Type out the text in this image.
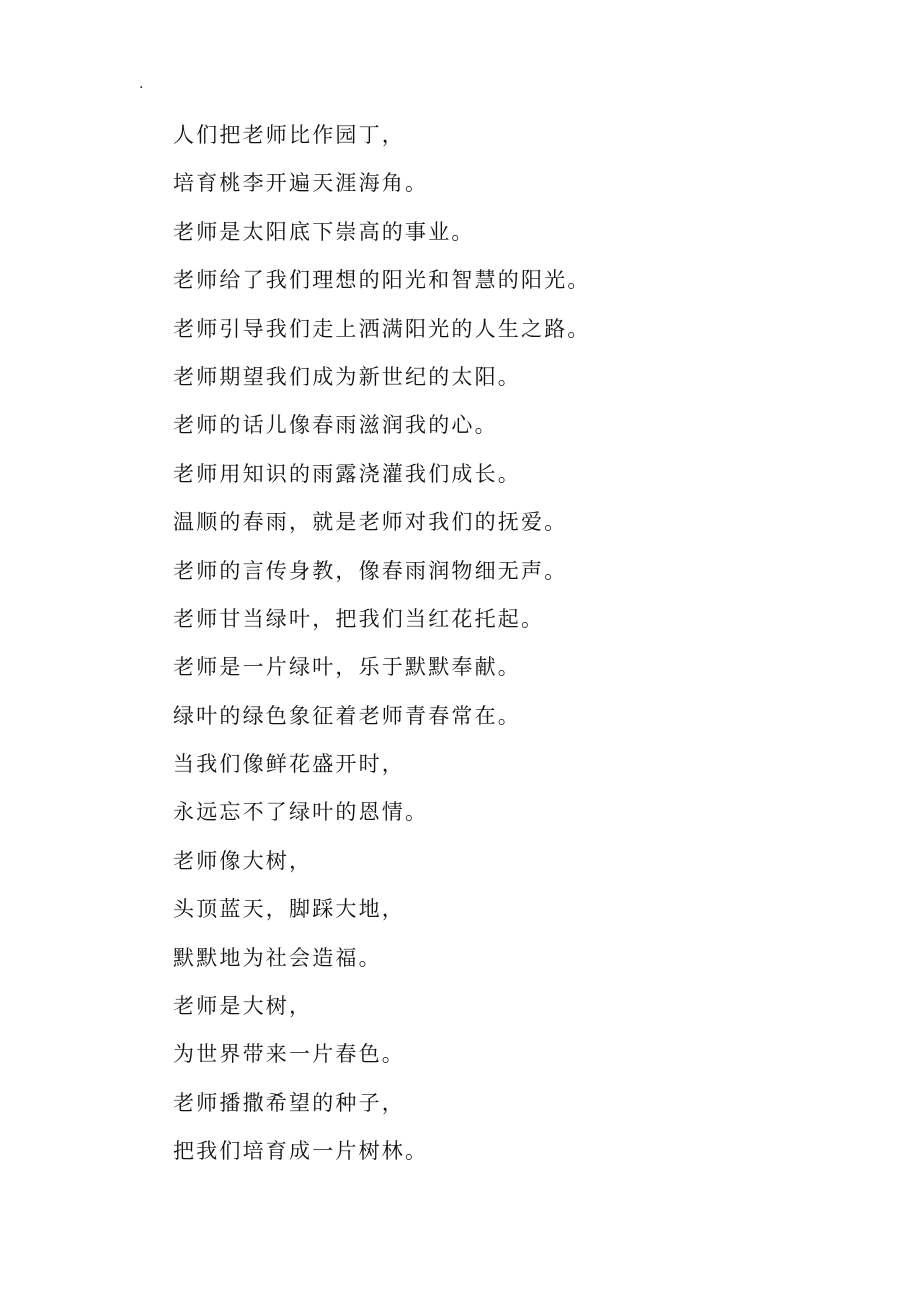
.
人们把老师比作园丁，
培育桃李开遍天涯海角。
老师是太阳底下崇高的事业。
老师给了我们理想的阳光和智慧的阳光。
老师引导我们走上洒满阳光的人生之路。
老师期望我们成为新世纪的太阳。
老师的话儿像春雨滋润我的心。
老师用知识的雨露浇灌我们成长。
温顺的春雨，就是老师对我们的抚爱。
老师的言传身教，像春雨润物细无声。
老师甘当绿叶，把我们当红花托起。
老师是一片绿叶，乐于默默奉献。
绿叶的绿色象征着老师青春常在。
当我们像鲜花盛开时，
永远忘不了绿叶的恩情。
老师像大树，
头顶蓝天，脚踩大地，
默默地为社会造福。
老师是大树，
为世界带来一片春色。
老师播撒希望的种子，
把我们培育成一片树林。
